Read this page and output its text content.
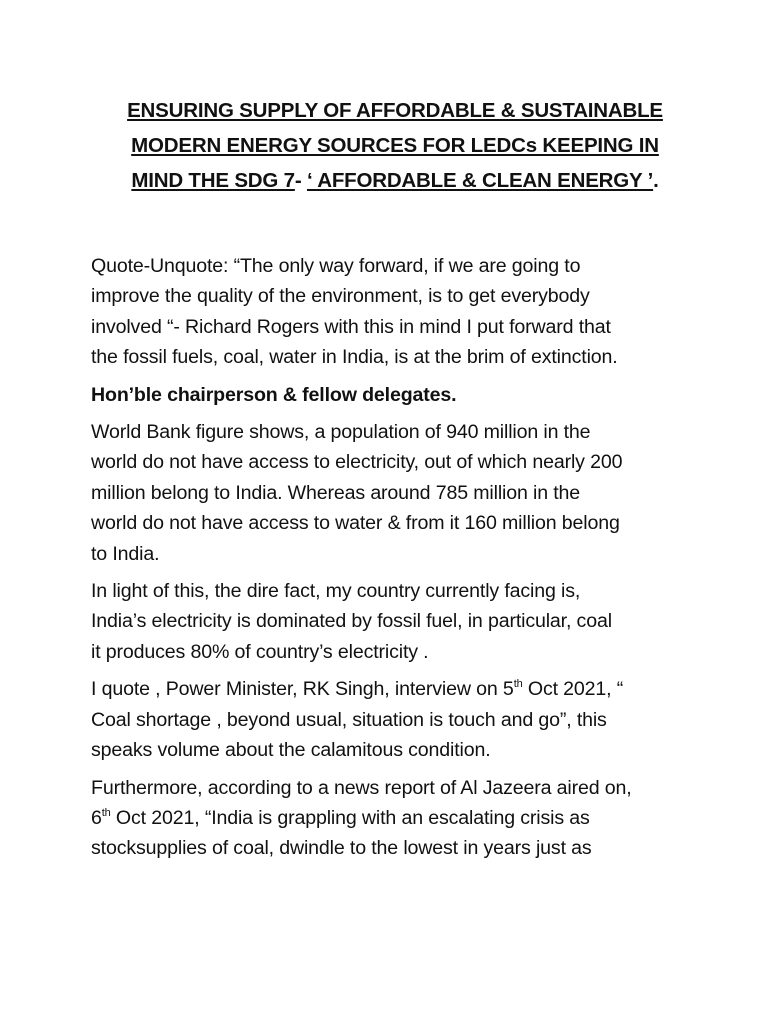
ENSURING SUPPLY OF AFFORDABLE & SUSTAINABLE
MODERN ENERGY SOURCES FOR LEDCs KEEPING IN
MIND THE SDG 7- ‘ AFFORDABLE & CLEAN ENERGY ’.

Quote-Unquote: “The only way forward, if we are going to
improve the quality of the environment, is to get everybody
involved “- Richard Rogers with this in mind I put forward that
the fossil fuels, coal, water in India, is at the brim of extinction.

Hon’ble chairperson & fellow delegates.

World Bank figure shows, a population of 940 million in the
world do not have access to electricity, out of which nearly 200
million belong to India. Whereas around 785 million in the
world do not have access to water & from it 160 million belong
to India.

In light of this, the dire fact, my country currently facing is,
India’s electricity is dominated by fossil fuel, in particular, coal
it produces 80% of country’s electricity .

I quote , Power Minister, RK Singh, interview on 5th Oct 2021, “
Coal shortage , beyond usual, situation is touch and go”, this
speaks volume about the calamitous condition.

Furthermore, according to a news report of Al Jazeera aired on,
6th Oct 2021, “India is grappling with an escalating crisis as
stocksupplies of coal, dwindle to the lowest in years just as
